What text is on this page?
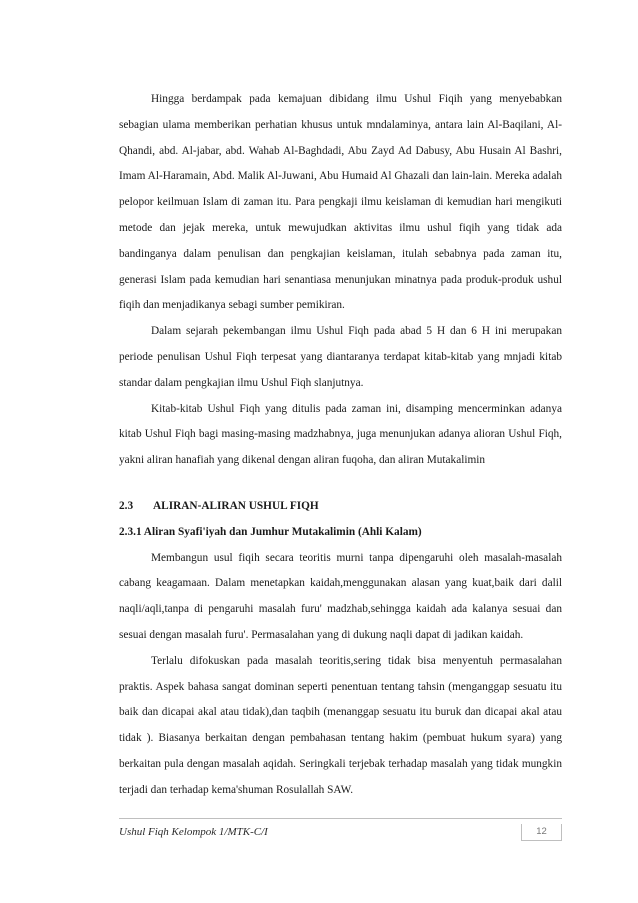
Hingga berdampak pada kemajuan dibidang ilmu Ushul Fiqih yang menyebabkan sebagian ulama memberikan perhatian khusus untuk mndalaminya, antara lain Al-Baqilani, Al-Qhandi, abd. Al-jabar, abd. Wahab Al-Baghdadi, Abu Zayd Ad Dabusy, Abu Husain Al Bashri, Imam Al-Haramain, Abd. Malik Al-Juwani, Abu Humaid Al Ghazali dan lain-lain. Mereka adalah pelopor keilmuan Islam di zaman itu. Para pengkaji ilmu keislaman di kemudian hari mengikuti metode dan jejak mereka, untuk mewujudkan aktivitas ilmu ushul fiqih yang tidak ada bandinganya dalam penulisan dan pengkajian keislaman, itulah sebabnya pada zaman itu, generasi Islam pada kemudian hari senantiasa menunjukan minatnya pada produk-produk ushul fiqih dan menjadikanya sebagi sumber pemikiran.

Dalam sejarah pekembangan ilmu Ushul Fiqh pada abad 5 H dan 6 H ini merupakan periode penulisan Ushul Fiqh terpesat yang diantaranya terdapat kitab-kitab yang mnjadi kitab standar dalam pengkajian ilmu Ushul Fiqh slanjutnya.

Kitab-kitab Ushul Fiqh yang ditulis pada zaman ini, disamping mencerminkan adanya kitab Ushul Fiqh bagi masing-masing madzhabnya, juga menunjukan adanya alioran Ushul Fiqh, yakni aliran hanafiah yang dikenal dengan aliran fuqoha, dan aliran Mutakalimin

2.3 ALIRAN-ALIRAN USHUL FIQH
2.3.1 Aliran Syafi'iyah dan Jumhur Mutakalimin (Ahli Kalam)

Membangun usul fiqih secara teoritis murni tanpa dipengaruhi oleh masalah-masalah cabang keagamaan. Dalam menetapkan kaidah,menggunakan alasan yang kuat,baik dari dalil naqli/aqli,tanpa di pengaruhi masalah furu' madzhab,sehingga kaidah ada kalanya sesuai dan sesuai dengan masalah furu'. Permasalahan yang di dukung naqli dapat di jadikan kaidah.

Terlalu difokuskan pada masalah teoritis,sering tidak bisa menyentuh permasalahan praktis. Aspek bahasa sangat dominan seperti penentuan tentang tahsin (menganggap sesuatu itu baik dan dicapai akal atau tidak),dan taqbih (menanggap sesuatu itu buruk dan dicapai akal atau tidak ). Biasanya berkaitan dengan pembahasan tentang hakim (pembuat hukum syara) yang berkaitan pula dengan masalah aqidah. Seringkali terjebak terhadap masalah yang tidak mungkin terjadi dan terhadap kema'shuman Rosulallah SAW.

Ushul Fiqh Kelompok 1/MTK-C/I	12
